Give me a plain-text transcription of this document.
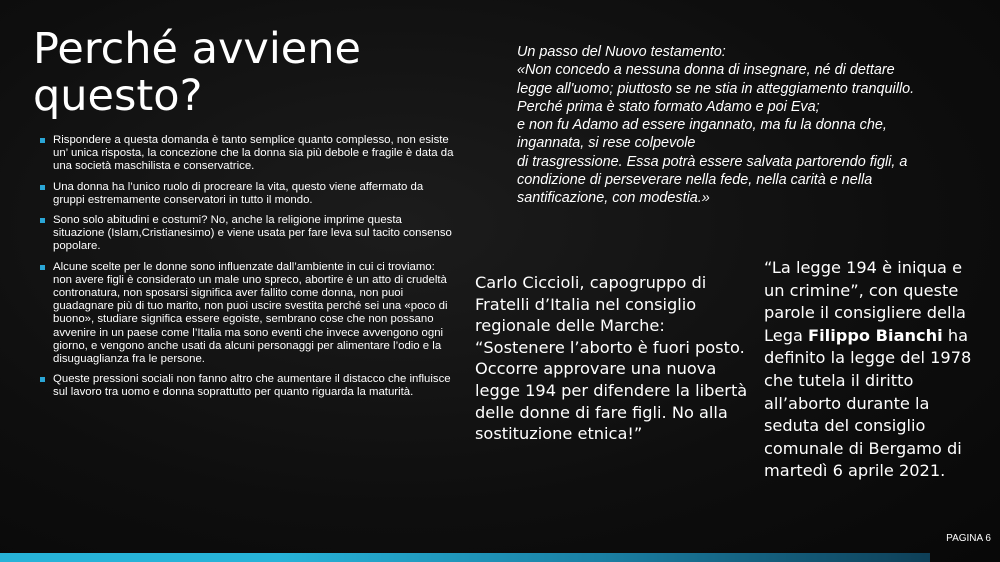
Perché avviene
questo?
Rispondere a questa domanda è tanto semplice quanto complesso, non esiste un’ unica risposta, la concezione che la donna sia più debole e fragile è data da una società maschilista e conservatrice.
Una donna ha l’unico ruolo di procreare la vita, questo viene affermato da gruppi estremamente conservatori in tutto il mondo.
Sono solo abitudini e costumi? No, anche la religione imprime questa situazione (Islam,Cristianesimo) e viene usata per fare leva sul tacito consenso popolare.
Alcune scelte per le donne sono influenzate dall’ambiente in cui ci troviamo: non avere figli è considerato un male uno spreco, abortire è un atto di crudeltà contronatura, non sposarsi significa aver fallito come donna, non puoi guadagnare più di tuo marito, non puoi uscire svestita perché sei una «poco di buono», studiare significa essere egoiste, sembrano cose che non possano avvenire in un paese come l’Italia ma sono eventi che invece avvengono ogni giorno, e vengono anche usati da alcuni personaggi per alimentare l’odio e la disuguaglianza fra le persone.
Queste pressioni sociali non fanno altro che aumentare il distacco che influisce sul lavoro tra uomo e donna soprattutto per quanto riguarda la maturità.
Un passo del Nuovo testamento:
«Non concedo a nessuna donna di insegnare, né di dettare legge all'uomo; piuttosto se ne stia in atteggiamento tranquillo. Perché prima è stato formato Adamo e poi Eva;
e non fu Adamo ad essere ingannato, ma fu la donna che, ingannata, si rese colpevole
di trasgressione. Essa potrà essere salvata partorendo figli, a condizione di perseverare nella fede, nella carità e nella santificazione, con modestia.»
Carlo Ciccioli, capogruppo di Fratelli d’Italia nel consiglio regionale delle Marche:
“Sostenere l’aborto è fuori posto. Occorre approvare una nuova legge 194 per difendere la libertà delle donne di fare figli. No alla sostituzione etnica!”
“La legge 194 è iniqua e un crimine”, con queste parole il consigliere della Lega Filippo Bianchi ha definito la legge del 1978 che tutela il diritto all’aborto durante la seduta del consiglio comunale di Bergamo di martedì 6 aprile 2021.
PAGINA 6
